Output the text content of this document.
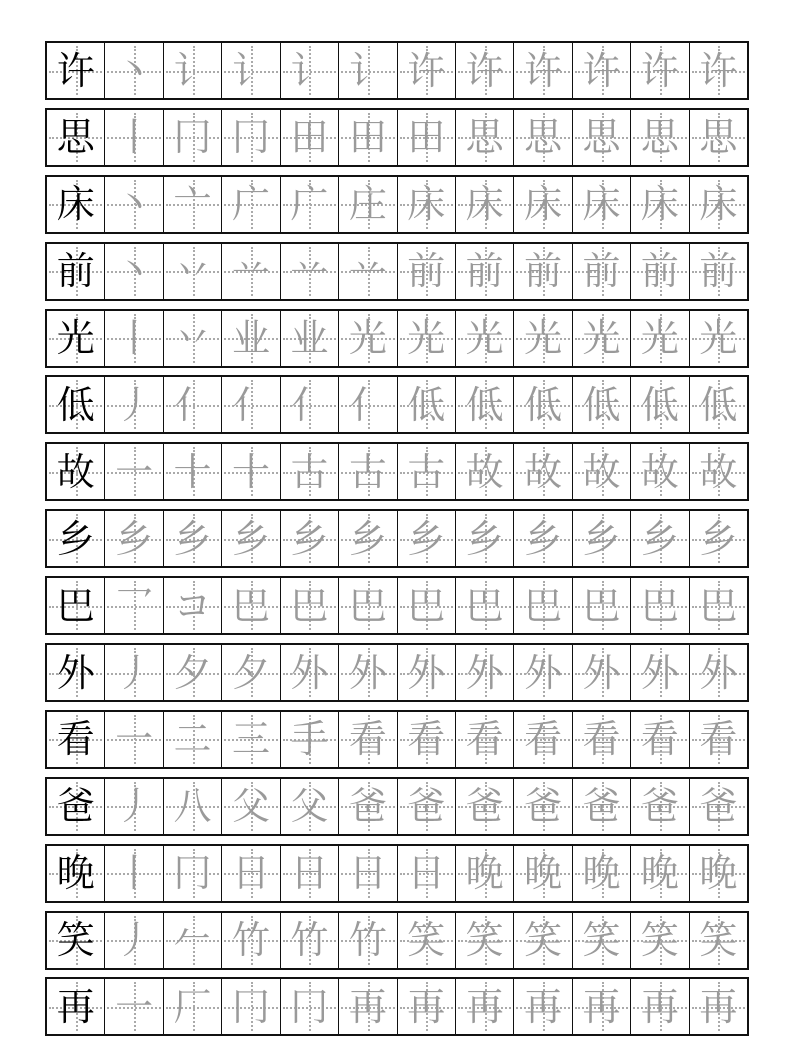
许 丶 讠 讠 讠 讠 许 许 许 许 许 许
思 丨 冂 冂 田 田 田 思 思 思 思 思
床 丶 亠 广 广 庄 床 床 床 床 床 床
前 丶 丷 䒑 䒑 䒑 前 前 前 前 前 前
光 丨 丷 业 业 光 光 光 光 光 光 光
低 丿 亻 亻 亻 亻 低 低 低 低 低 低
故 一 十 十 古 古 古 故 故 故 故 故
乡 乡 乡 乡 乡 乡 乡 乡 乡 乡 乡 乡
巴 乛 コ 巴 巴 巴 巴 巴 巴 巴 巴 巴
外 丿 夕 夕 外 外 外 外 外 外 外 外
看 一 二 三 手 看 看 看 看 看 看 看
爸 丿 八 父 父 爸 爸 爸 爸 爸 爸 爸
晚 丨 冂 日 日 日 日 晚 晚 晚 晚 晚
笑 丿 𠂉 竹 竹 竹 笑 笑 笑 笑 笑 笑
再 一 厂 冂 冂 再 再 再 再 再 再 再
